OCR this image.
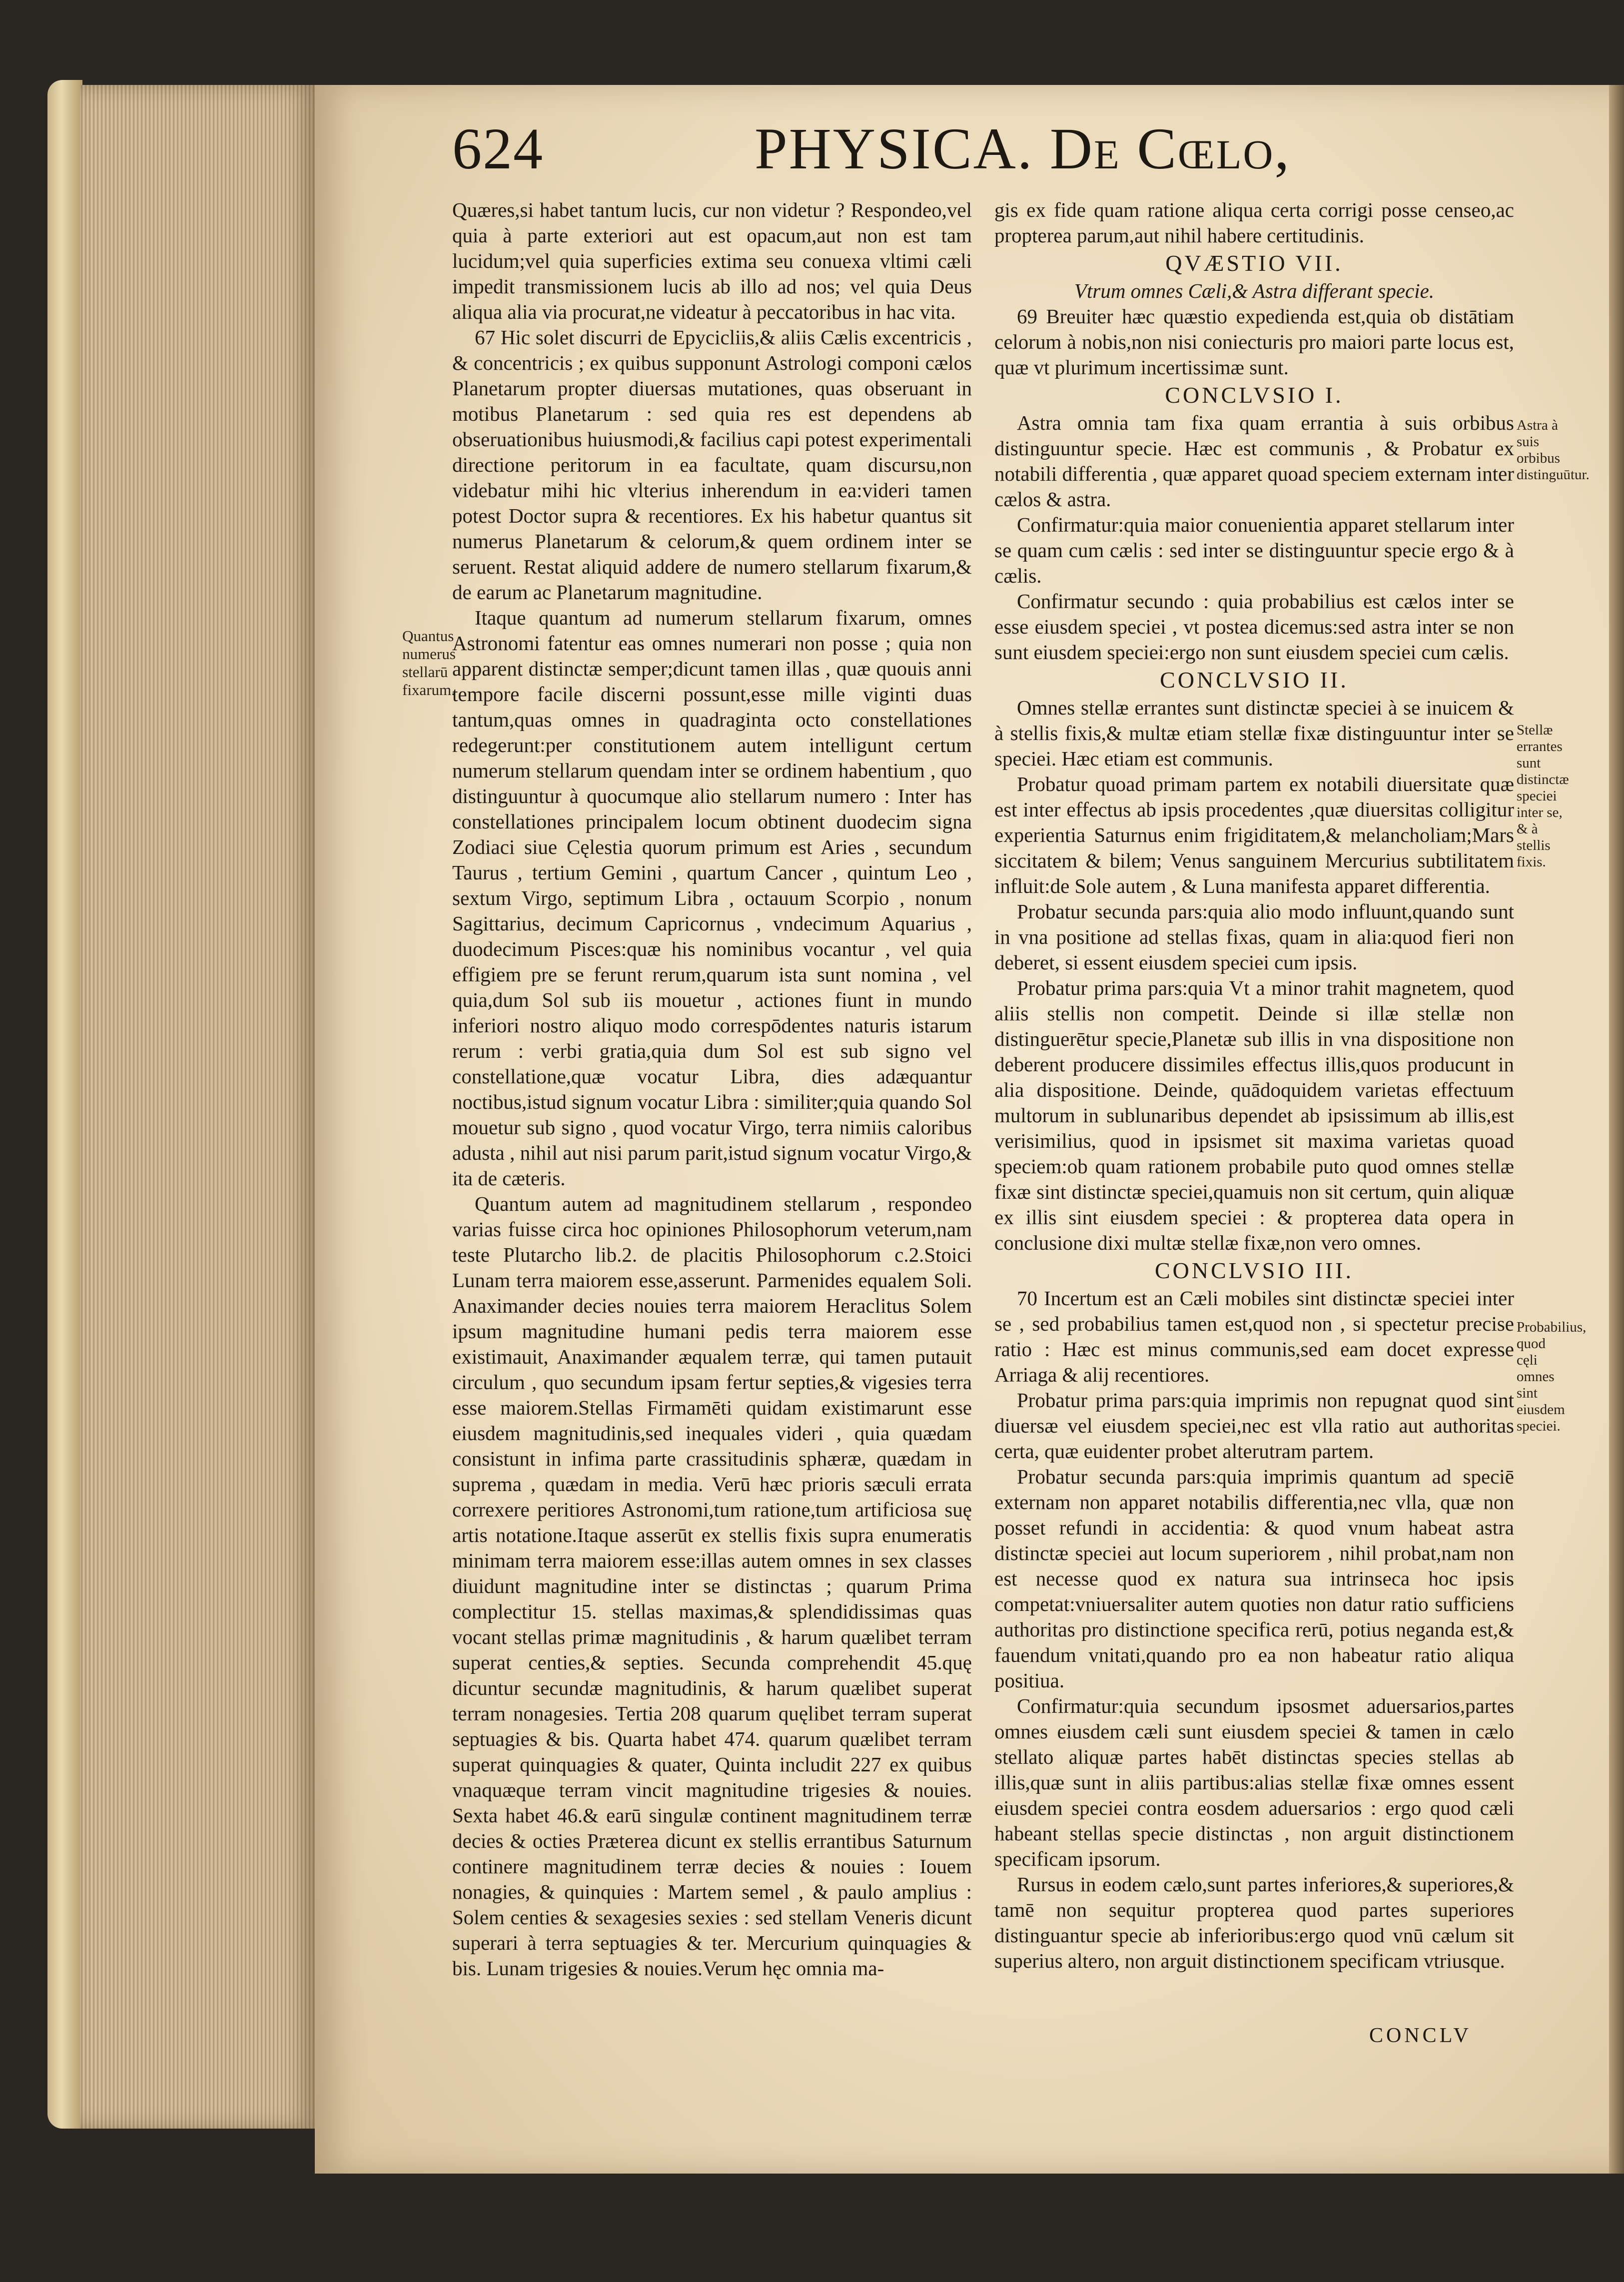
624	PHYSICA. De Cœlo,
Quantus numerus stellarū fixarum.

Quæres,si habet tantum lucis, cur non videtur ? Respondeo,vel quia à parte exteriori aut est opacum,aut non est tam lucidum;vel quia superficies extima seu conuexa vltimi cæli impedit transmissionem lucis ab illo ad nos; vel quia Deus aliqua alia via procurat,ne videatur à peccatoribus in hac vita.

67 Hic solet discurri de Epycicliis,& aliis Cælis excentricis , & concentricis ; ex quibus supponunt Astrologi componi cælos Planetarum propter diuersas mutationes, quas obseruant in motibus Planetarum : sed quia res est dependens ab obseruationibus huiusmodi,& facilius capi potest experimentali directione peritorum in ea facultate, quam discursu,non videbatur mihi hic vlterius inherendum in ea:videri tamen potest Doctor supra & recentiores. Ex his habetur quantus sit numerus Planetarum & celorum,& quem ordinem inter se seruent. Restat aliquid addere de numero stellarum fixarum,& de earum ac Planetarum magnitudine.

Itaque quantum ad numerum stellarum fixarum, omnes Astronomi fatentur eas omnes numerari non posse ; quia non apparent distinctæ semper;dicunt tamen illas , quæ quouis anni tempore facile discerni possunt,esse mille viginti duas tantum,quas omnes in quadraginta octo constellationes redegerunt:per constitutionem autem intelligunt certum numerum stellarum quendam inter se ordinem habentium , quo distinguuntur à quocumque alio stellarum numero : Inter has constellationes principalem locum obtinent duodecim signa Zodiaci siue Cęlestia quorum primum est Aries , secundum Taurus , tertium Gemini , quartum Cancer , quintum Leo , sextum Virgo, septimum Libra , octauum Scorpio , nonum Sagittarius, decimum Capricornus , vndecimum Aquarius , duodecimum Pisces:quæ his nominibus vocantur , vel quia effigiem pre se ferunt rerum,quarum ista sunt nomina , vel quia,dum Sol sub iis mouetur , actiones fiunt in mundo inferiori nostro aliquo modo correspōdentes naturis istarum rerum : verbi gratia,quia dum Sol est sub signo vel constellatione,quæ vocatur Libra, dies adæquantur noctibus,istud signum vocatur Libra : similiter;quia quando Sol mouetur sub signo , quod vocatur Virgo, terra nimiis caloribus adusta , nihil aut nisi parum parit,istud signum vocatur Virgo,& ita de cæteris.

Quantum autem ad magnitudinem stellarum , respondeo varias fuisse circa hoc opiniones Philosophorum veterum,nam teste Plutarcho lib.2. de placitis Philosophorum c.2.Stoici Lunam terra maiorem esse,asserunt. Parmenides equalem Soli. Anaximander decies nouies terra maiorem Heraclitus Solem ipsum magnitudine humani pedis terra maiorem esse existimauit, Anaximander æqualem terræ, qui tamen putauit circulum , quo secundum ipsam fertur septies,& vigesies terra esse maiorem.Stellas Firmamēti quidam existimarunt esse eiusdem magnitudinis,sed inequales videri , quia quædam consistunt in infima parte crassitudinis sphæræ, quædam in suprema , quædam in media. Verū hæc prioris sæculi errata correxere peritiores Astronomi,tum ratione,tum artificiosa suę artis notatione.Itaque asserūt ex stellis fixis supra enumeratis minimam terra maiorem esse:illas autem omnes in sex classes diuidunt magnitudine inter se distinctas ; quarum Prima complectitur 15. stellas maximas,& splendidissimas quas vocant stellas primæ magnitudinis , & harum quælibet terram superat centies,& septies. Secunda comprehendit 45.quę dicuntur secundæ magnitudinis, & harum quælibet superat terram nonagesies. Tertia 208 quarum quęlibet terram superat septuagies & bis. Quarta habet 474. quarum quælibet terram superat quinquagies & quater, Quinta includit 227 ex quibus vnaquæque terram vincit magnitudine trigesies & nouies. Sexta habet 46.& earū singulæ continent magnitudinem terræ decies & octies Præterea dicunt ex stellis errantibus Saturnum continere magnitudinem terræ decies & nouies : Iouem nonagies, & quinquies : Martem semel , & paulo amplius : Solem centies & sexagesies sexies : sed stellam Veneris dicunt superari à terra septuagies & ter. Mercurium quinquagies & bis. Lunam trigesies & nouies.Verum hęc omnia ma-

gis ex fide quam ratione aliqua certa corrigi posse censeo,ac propterea parum,aut nihil habere certitudinis.

QVÆSTIO VII.

Vtrum omnes Cæli,& Astra differant specie.

69 Breuiter hæc quæstio expedienda est,quia ob distātiam celorum à nobis,non nisi coniecturis pro maiori parte locus est, quæ vt plurimum incertissimæ sunt.

CONCLVSIO I.

Astra omnia tam fixa quam errantia à suis orbibus distinguuntur specie. Hæc est communis , & Probatur ex notabili differentia , quæ apparet quoad speciem externam inter cælos & astra.

Confirmatur:quia maior conuenientia apparet stellarum inter se quam cum cælis : sed inter se distinguuntur specie ergo & à cælis.

Confirmatur secundo : quia probabilius est cælos inter se esse eiusdem speciei , vt postea dicemus:sed astra inter se non sunt eiusdem speciei:ergo non sunt eiusdem speciei cum cælis.

CONCLVSIO II.

Omnes stellæ errantes sunt distinctæ speciei à se inuicem & à stellis fixis,& multæ etiam stellæ fixæ distinguuntur inter se speciei. Hæc etiam est communis.

Probatur quoad primam partem ex notabili diuersitate quæ est inter effectus ab ipsis procedentes ,quæ diuersitas colligitur experientia Saturnus enim frigiditatem,& melancholiam;Mars siccitatem & bilem; Venus sanguinem Mercurius subtilitatem influit:de Sole autem , & Luna manifesta apparet differentia.

Probatur secunda pars:quia alio modo influunt,quando sunt in vna positione ad stellas fixas, quam in alia:quod fieri non deberet, si essent eiusdem speciei cum ipsis.

Probatur prima pars:quia Vt a minor trahit magnetem, quod aliis stellis non competit. Deinde si illæ stellæ non distinguerētur specie,Planetæ sub illis in vna dispositione non deberent producere dissimiles effectus illis,quos producunt in alia dispositione. Deinde, quādoquidem varietas effectuum multorum in sublunaribus dependet ab ipsissimum ab illis,est verisimilius, quod in ipsismet sit maxima varietas quoad speciem:ob quam rationem probabile puto quod omnes stellæ fixæ sint distinctæ speciei,quamuis non sit certum, quin aliquæ ex illis sint eiusdem speciei : & propterea data opera in conclusione dixi multæ stellæ fixæ,non vero omnes.

CONCLVSIO III.

70 Incertum est an Cæli mobiles sint distinctæ speciei inter se , sed probabilius tamen est,quod non , si spectetur precise ratio : Hæc est minus communis,sed eam docet expresse Arriaga & alij recentiores.

Probatur prima pars:quia imprimis non repugnat quod sint diuersæ vel eiusdem speciei,nec est vlla ratio aut authoritas certa, quæ euidenter probet alterutram partem.

Probatur secunda pars:quia imprimis quantum ad speciē externam non apparet notabilis differentia,nec vlla, quæ non posset refundi in accidentia: & quod vnum habeat astra distinctæ speciei aut locum superiorem , nihil probat,nam non est necesse quod ex natura sua intrinseca hoc ipsis competat:vniuersaliter autem quoties non datur ratio sufficiens authoritas pro distinctione specifica rerū, potius neganda est,& fauendum vnitati,quando pro ea non habeatur ratio aliqua positiua.

Confirmatur:quia secundum ipsosmet aduersarios,partes omnes eiusdem cæli sunt eiusdem speciei & tamen in cælo stellato aliquæ partes habēt distinctas species stellas ab illis,quæ sunt in aliis partibus:alias stellæ fixæ omnes essent eiusdem speciei contra eosdem aduersarios : ergo quod cæli habeant stellas specie distinctas , non arguit distinctionem specificam ipsorum.

Rursus in eodem cælo,sunt partes inferiores,& superiores,& tamē non sequitur propterea quod partes superiores distinguantur specie ab inferioribus:ergo quod vnū cælum sit superius altero, non arguit distinctionem specificam vtriusque.

Astra à suis orbibus distinguūtur.
Stellæ errantes sunt distinctæ speciei inter se, & à stellis fixis.
Probabilius, quod cęli omnes sint eiusdem speciei.
CONCLV
